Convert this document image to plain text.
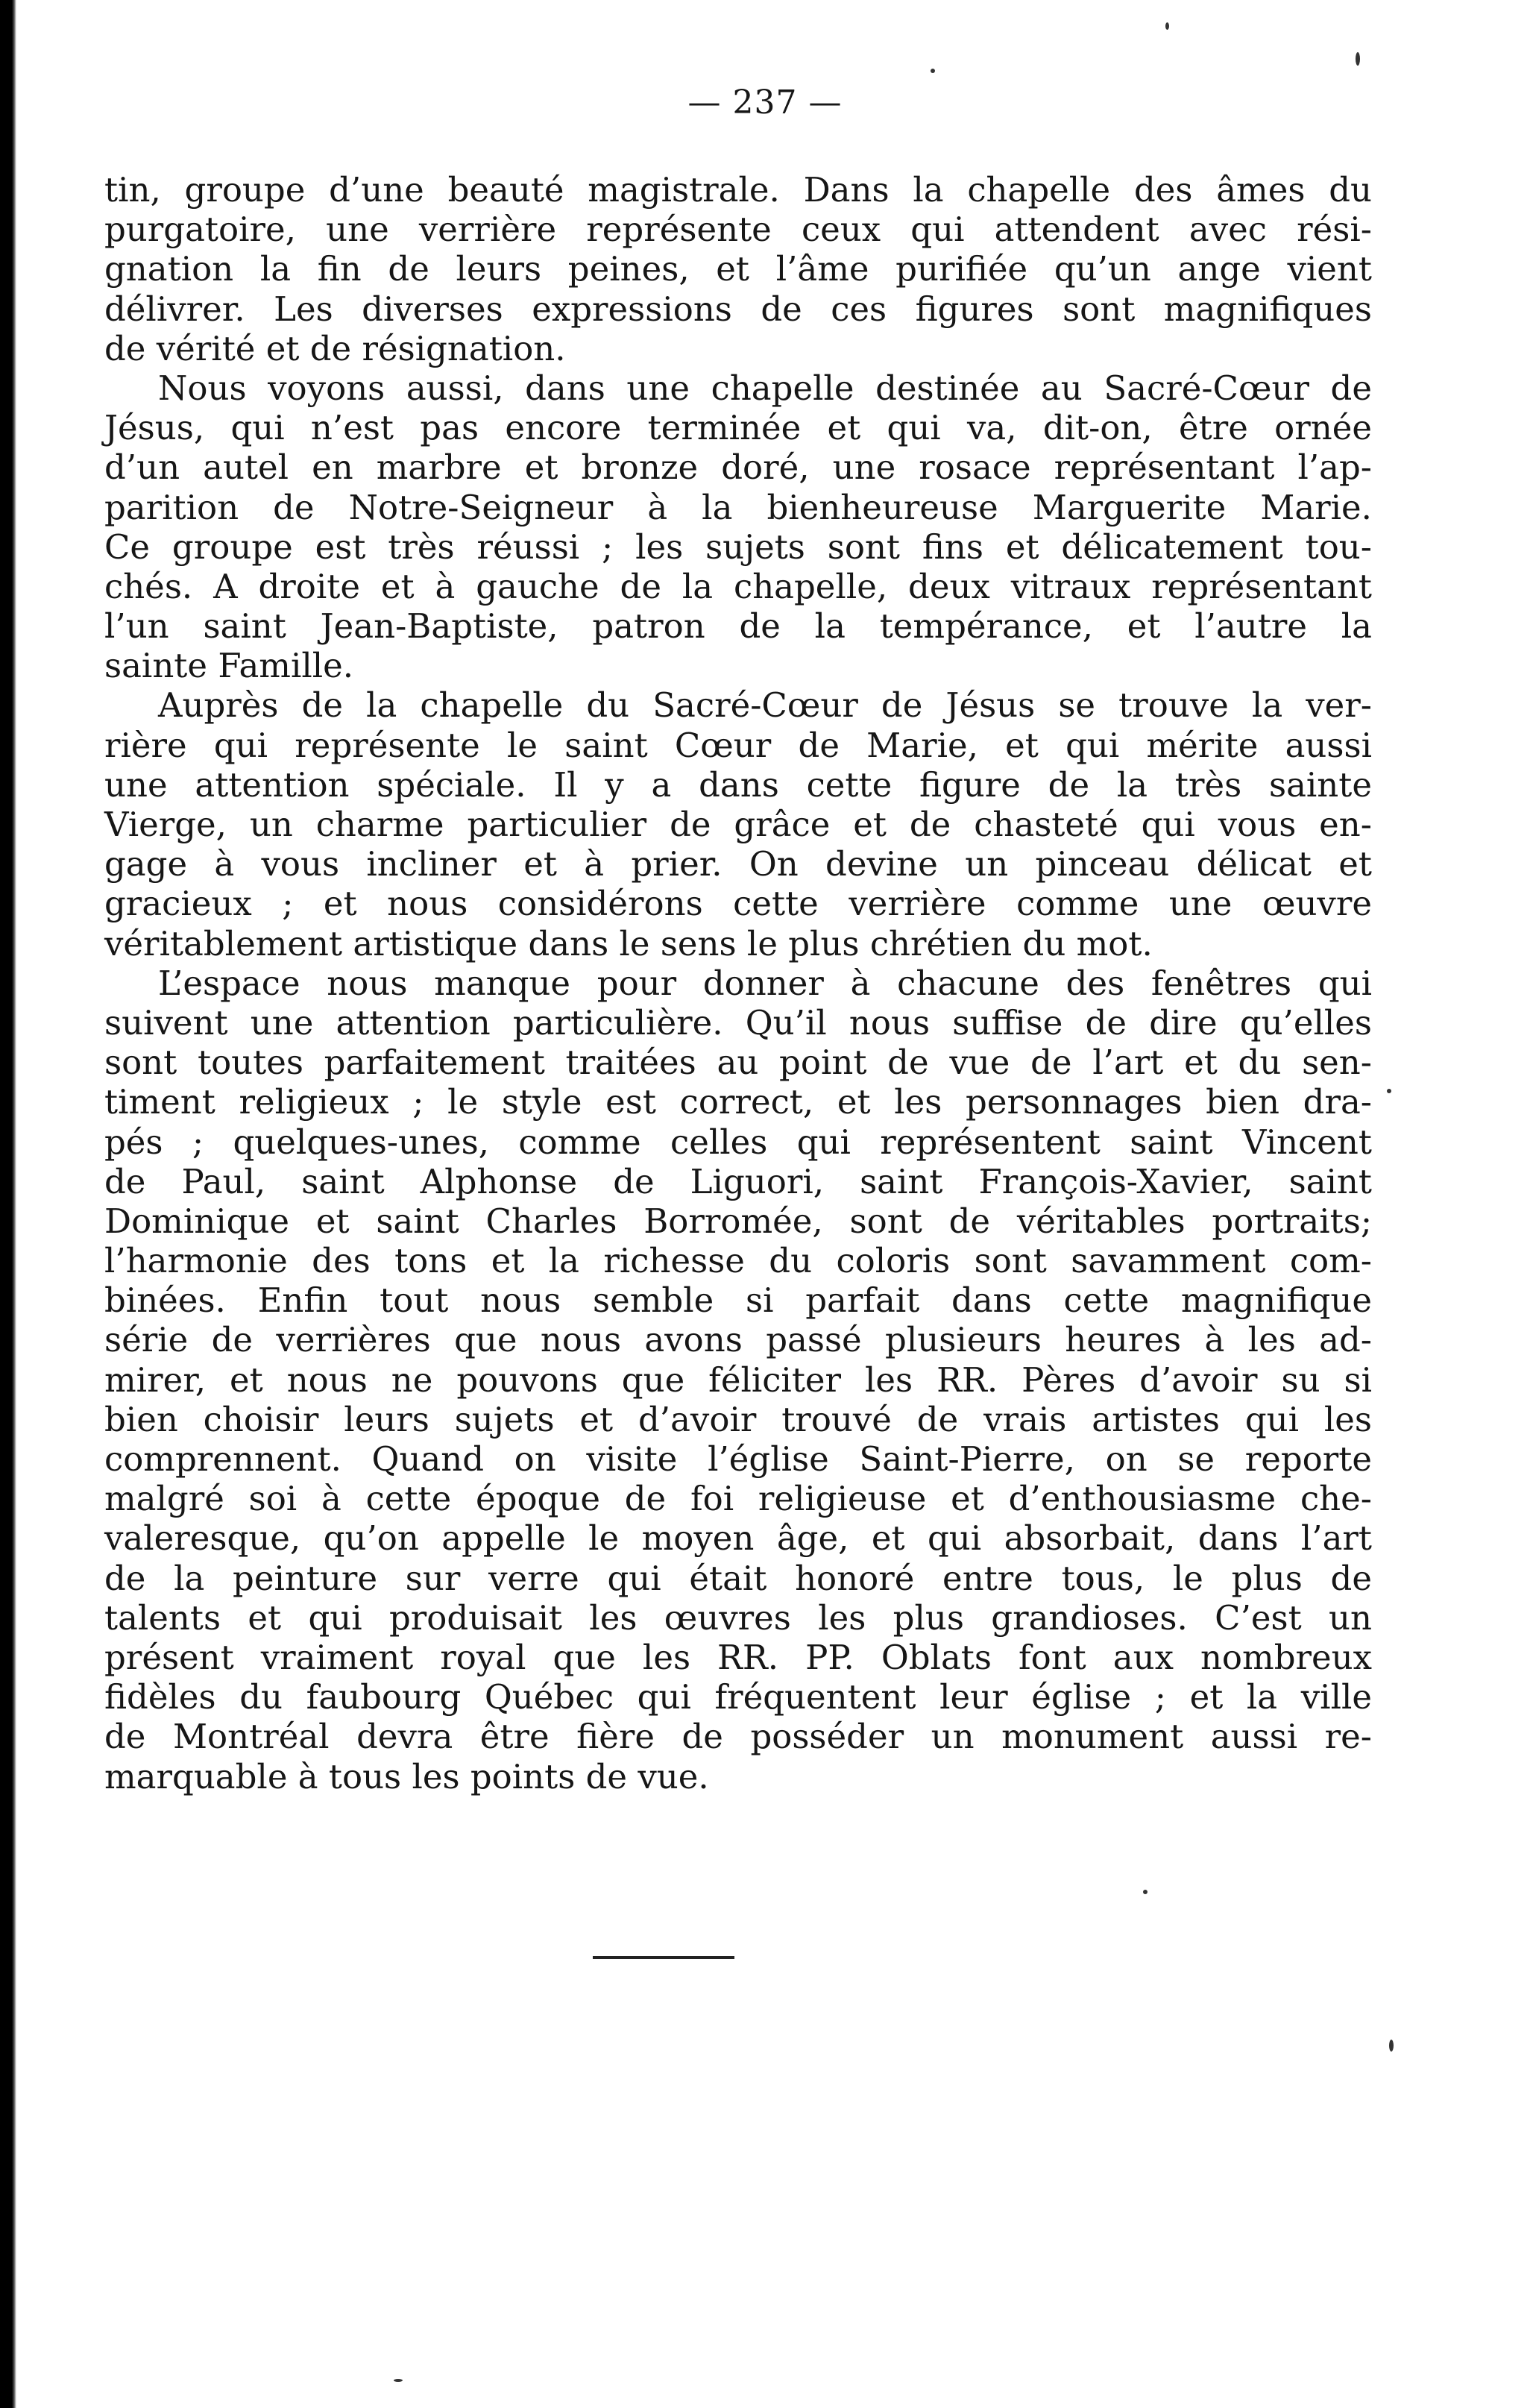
— 237 —
tin, groupe d’une beauté magistrale. Dans la chapelle des âmes du
purgatoire, une verrière représente ceux qui attendent avec rési-
gnation la fin de leurs peines, et l’âme purifiée qu’un ange vient
délivrer. Les diverses expressions de ces figures sont magnifiques
de vérité et de résignation.
Nous voyons aussi, dans une chapelle destinée au Sacré-Cœur de
Jésus, qui n’est pas encore terminée et qui va, dit-on, être ornée
d’un autel en marbre et bronze doré, une rosace représentant l’ap-
parition de Notre-Seigneur à la bienheureuse Marguerite Marie.
Ce groupe est très réussi ; les sujets sont fins et délicatement tou-
chés. A droite et à gauche de la chapelle, deux vitraux représentant
l’un saint Jean-Baptiste, patron de la tempérance, et l’autre la
sainte Famille.
Auprès de la chapelle du Sacré-Cœur de Jésus se trouve la ver-
rière qui représente le saint Cœur de Marie, et qui mérite aussi
une attention spéciale. Il y a dans cette figure de la très sainte
Vierge, un charme particulier de grâce et de chasteté qui vous en-
gage à vous incliner et à prier. On devine un pinceau délicat et
gracieux ; et nous considérons cette verrière comme une œuvre
véritablement artistique dans le sens le plus chrétien du mot.
L’espace nous manque pour donner à chacune des fenêtres qui
suivent une attention particulière. Qu’il nous suffise de dire qu’elles
sont toutes parfaitement traitées au point de vue de l’art et du sen-
timent religieux ; le style est correct, et les personnages bien dra-
pés ; quelques-unes, comme celles qui représentent saint Vincent
de Paul, saint Alphonse de Liguori, saint François-Xavier, saint
Dominique et saint Charles Borromée, sont de véritables portraits;
l’harmonie des tons et la richesse du coloris sont savamment com-
binées. Enfin tout nous semble si parfait dans cette magnifique
série de verrières que nous avons passé plusieurs heures à les ad-
mirer, et nous ne pouvons que féliciter les RR. Pères d’avoir su si
bien choisir leurs sujets et d’avoir trouvé de vrais artistes qui les
comprennent. Quand on visite l’église Saint-Pierre, on se reporte
malgré soi à cette époque de foi religieuse et d’enthousiasme che-
valeresque, qu’on appelle le moyen âge, et qui absorbait, dans l’art
de la peinture sur verre qui était honoré entre tous, le plus de
talents et qui produisait les œuvres les plus grandioses. C’est un
présent vraiment royal que les RR. PP. Oblats font aux nombreux
fidèles du faubourg Québec qui fréquentent leur église ; et la ville
de Montréal devra être fière de posséder un monument aussi re-
marquable à tous les points de vue.
